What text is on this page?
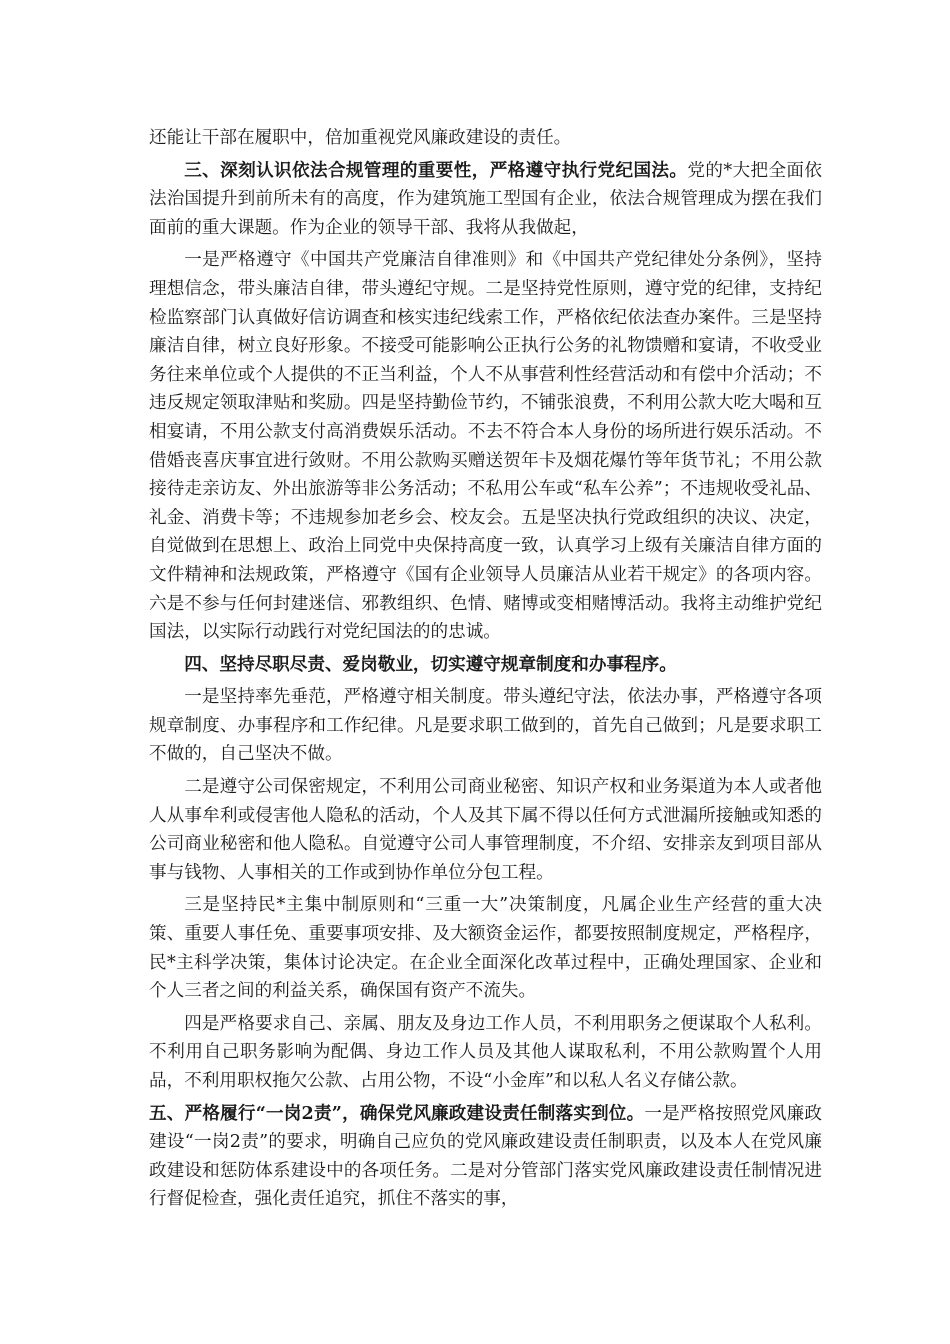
还能让干部在履职中，倍加重视党风廉政建设的责任。

三、深刻认识依法合规管理的重要性，严格遵守执行党纪国法。党的*大把全面依法治国提升到前所未有的高度，作为建筑施工型国有企业，依法合规管理成为摆在我们面前的重大课题。作为企业的领导干部、我将从我做起，

一是严格遵守《中国共产党廉洁自律准则》和《中国共产党纪律处分条例》，坚持理想信念，带头廉洁自律，带头遵纪守规。二是坚持党性原则，遵守党的纪律，支持纪检监察部门认真做好信访调查和核实违纪线索工作，严格依纪依法查办案件。三是坚持廉洁自律，树立良好形象。不接受可能影响公正执行公务的礼物馈赠和宴请，不收受业务往来单位或个人提供的不正当利益，个人不从事营利性经营活动和有偿中介活动；不违反规定领取津贴和奖励。四是坚持勤俭节约，不铺张浪费，不利用公款大吃大喝和互相宴请，不用公款支付高消费娱乐活动。不去不符合本人身份的场所进行娱乐活动。不借婚丧喜庆事宜进行敛财。不用公款购买赠送贺年卡及烟花爆竹等年货节礼；不用公款接待走亲访友、外出旅游等非公务活动；不私用公车或“私车公养”；不违规收受礼品、礼金、消费卡等；不违规参加老乡会、校友会。五是坚决执行党政组织的决议、决定，自觉做到在思想上、政治上同党中央保持高度一致，认真学习上级有关廉洁自律方面的文件精神和法规政策，严格遵守《国有企业领导人员廉洁从业若干规定》的各项内容。六是不参与任何封建迷信、邪教组织、色情、赌博或变相赌博活动。我将主动维护党纪国法，以实际行动践行对党纪国法的的忠诚。

四、坚持尽职尽责、爱岗敬业，切实遵守规章制度和办事程序。

一是坚持率先垂范，严格遵守相关制度。带头遵纪守法，依法办事，严格遵守各项规章制度、办事程序和工作纪律。凡是要求职工做到的，首先自己做到；凡是要求职工不做的，自己坚决不做。

二是遵守公司保密规定，不利用公司商业秘密、知识产权和业务渠道为本人或者他人从事牟利或侵害他人隐私的活动，个人及其下属不得以任何方式泄漏所接触或知悉的公司商业秘密和他人隐私。自觉遵守公司人事管理制度，不介绍、安排亲友到项目部从事与钱物、人事相关的工作或到协作单位分包工程。

三是坚持民*主集中制原则和“三重一大”决策制度，凡属企业生产经营的重大决策、重要人事任免、重要事项安排、及大额资金运作，都要按照制度规定，严格程序，民*主科学决策，集体讨论决定。在企业全面深化改革过程中，正确处理国家、企业和个人三者之间的利益关系，确保国有资产不流失。

四是严格要求自己、亲属、朋友及身边工作人员，不利用职务之便谋取个人私利。不利用自己职务影响为配偶、身边工作人员及其他人谋取私利，不用公款购置个人用品，不利用职权拖欠公款、占用公物，不设“小金库”和以私人名义存储公款。

五、严格履行“一岗2责”，确保党风廉政建设责任制落实到位。一是严格按照党风廉政建设“一岗2责”的要求，明确自己应负的党风廉政建设责任制职责，以及本人在党风廉政建设和惩防体系建设中的各项任务。二是对分管部门落实党风廉政建设责任制情况进行督促检查，强化责任追究，抓住不落实的事，
